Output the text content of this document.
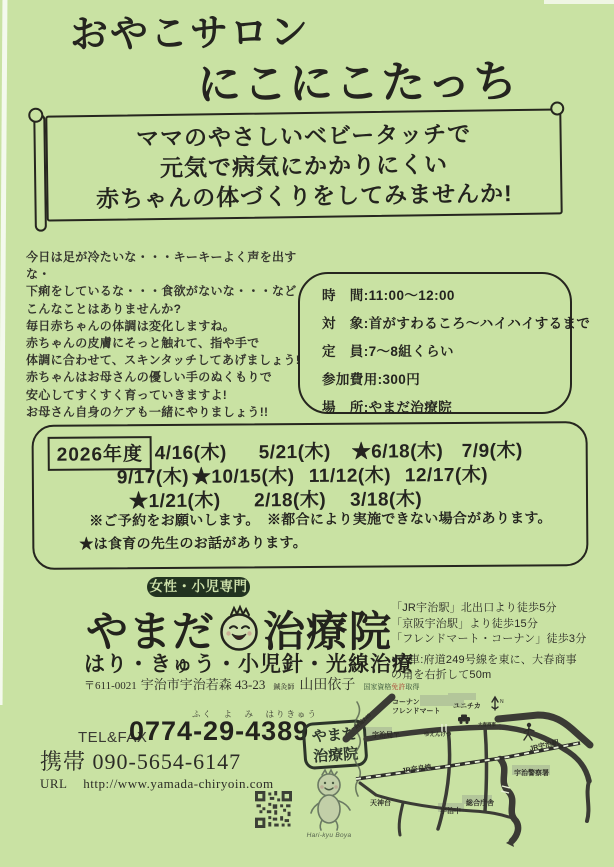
おやこサロン
にこにこたっち
ママのやさしいベビータッチで
元気で病気にかかりにくい
赤ちゃんの体づくりをしてみませんか!
今日は足が冷たいな・・・キーキーよく声を出すな・
下痢をしているな・・・食欲がないな・・・など
こんなことはありませんか?
毎日赤ちゃんの体調は変化しますね。
赤ちゃんの皮膚にそっと触れて、指や手で
体調に合わせて、スキンタッチしてあげましょう!
赤ちゃんはお母さんの優しい手のぬくもりで
安心してすくすく育っていきますよ!
お母さん自身のケアも一緒にやりましょう!!
時　間:11:00〜12:00
対　象:首がすわるころ〜ハイハイするまで
定　員:7〜8組くらい
参加費用:300円
場　所:やまだ治療院
2026年度 4/16(木) 5/21(木) ★6/18(木) 7/9(木)
9/17(木) ★10/15(木) 11/12(木) 12/17(木)
★1/21(木) 2/18(木) 3/18(木)
※ご予約をお願いします。　※都合により実施できない場合があります。
★は食育の先生のお話があります。
女性・小児専門
やまだ 治療院
はり・きゅう・小児針・光線治療
〒611-0021 宇治市宇治若森 43-23 鍼灸師 山田依子 国家資格免許取得
「JR宇治駅」北出口より徒歩5分
「京阪宇治駅」より徒歩15分
「フレンドマート・コーナン」徒歩3分
●お車:府道249号線を東に、大春商事
の角を右折して50m
TEL&FAX
ふく　よ　み　はりきゅう
0774-29-4389
携帯 090-5654-6147
URL http://www.yamada-chiryoin.com
やまだ
治療院
Hari-kyu Boya
N
府道249
コーナン
フレンドマート
ユニチカ
宇治局〒	ゆえんげつ
大春商事
JR宇治駅
宇治警察署
JR奈良線
天神台
宇治中
総合庁舎
